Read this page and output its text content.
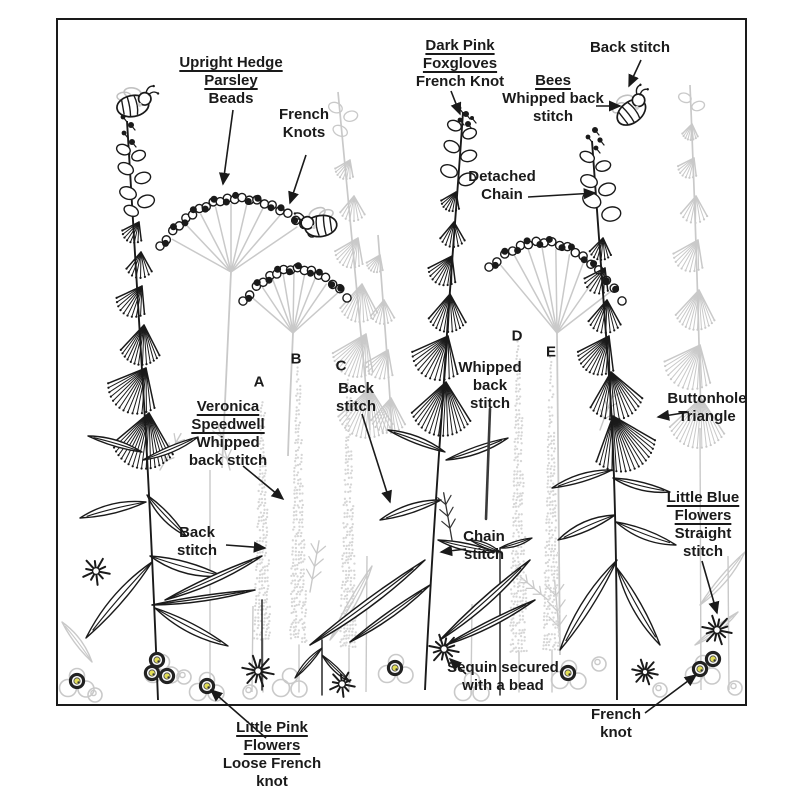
Upright Hedge Parsley
Beads
French Knots
Dark Pink Foxgloves
French Knot
Back stitch
Bees
Whipped back stitch
Detached Chain
Veronica Speedwell
Whipped back stitch
Back stitch
Whipped back stitch	Buttonhole Triangle
Little Blue Flowers
Straight stitch
Back stitch
Chain stitch
Sequin secured with a bead
French knot
Little Pink Flowers
Loose French knot
A
B C
D
E
